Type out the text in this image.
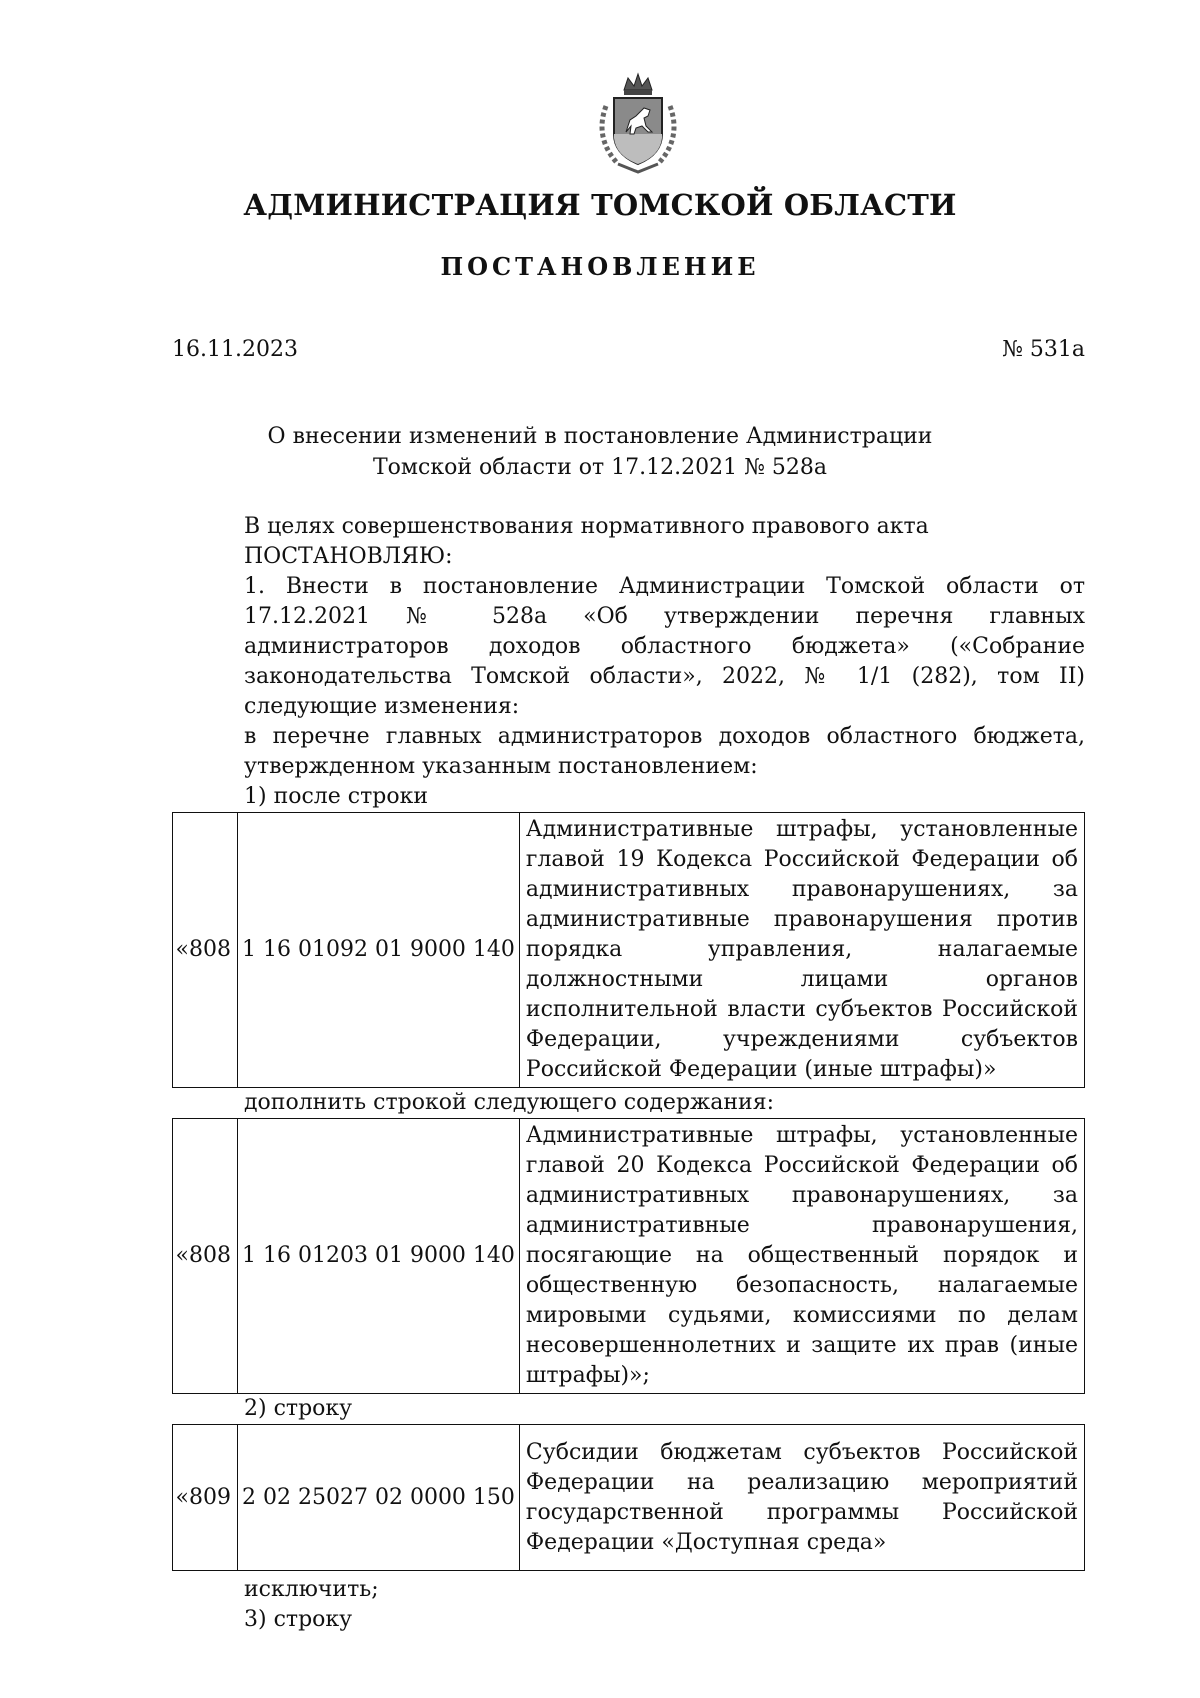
АДМИНИСТРАЦИЯ ТОМСКОЙ ОБЛАСТИ
ПОСТАНОВЛЕНИЕ
16.11.2023	№ 531а
О внесении изменений в постановление Администрации
Томской области от 17.12.2021 № 528а
В целях совершенствования нормативного правового акта
ПОСТАНОВЛЯЮ:
1. Внести в постановление Администрации Томской области от 17.12.2021 № 528а «Об утверждении перечня главных администраторов доходов областного бюджета» («Собрание законодательства Томской области», 2022, № 1/1 (282), том II) следующие изменения:
в перечне главных администраторов доходов областного бюджета, утвержденном указанным постановлением:
1) после строки
«808	1 16 01092 01 9000 140	Административные штрафы, установленные главой 19 Кодекса Российской Федерации об административных правонарушениях, за административные правонарушения против порядка управления, налагаемые должностными лицами органов исполнительной власти субъектов Российской Федерации, учреждениями субъектов Российской Федерации (иные штрафы)»
дополнить строкой следующего содержания:
«808	1 16 01203 01 9000 140	Административные штрафы, установленные главой 20 Кодекса Российской Федерации об административных правонарушениях, за административные правонарушения, посягающие на общественный порядок и общественную безопасность, налагаемые мировыми судьями, комиссиями по делам несовершеннолетних и защите их прав (иные штрафы)»;
2) строку
«809	2 02 25027 02 0000 150	Субсидии бюджетам субъектов Российской Федерации на реализацию мероприятий государственной программы Российской Федерации «Доступная среда»
исключить;
3) строку
